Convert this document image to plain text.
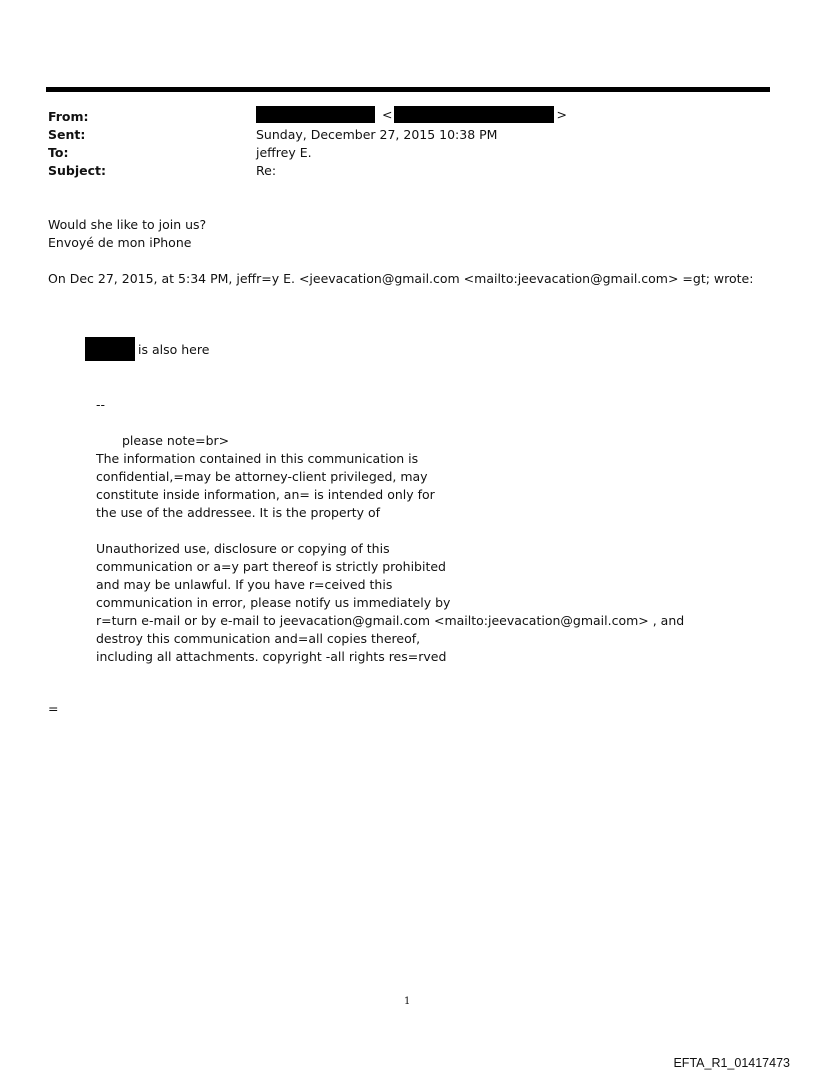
From:	<	>
Sent:	Sunday, December 27, 2015 10:38 PM
To:	jeffrey E.
Subject:	Re:
Would she like to join us?
Envoyé de mon iPhone
On Dec 27, 2015, at 5:34 PM, jeffr=y E. <jeevacation@gmail.com <mailto:jeevacation@gmail.com> =gt; wrote:
is also here
--
please note=br>
The information contained in this communication is
confidential,=may be attorney-client privileged, may
constitute inside information, an= is intended only for
the use of the addressee. It is the property of
Unauthorized use, disclosure or copying of this
communication or a=y part thereof is strictly prohibited
and may be unlawful. If you have r=ceived this
communication in error, please notify us immediately by
r=turn e-mail or by e-mail to jeevacation@gmail.com <mailto:jeevacation@gmail.com> , and
destroy this communication and=all copies thereof,
including all attachments. copyright -all rights res=rved
=
1
EFTA_R1_01417473
